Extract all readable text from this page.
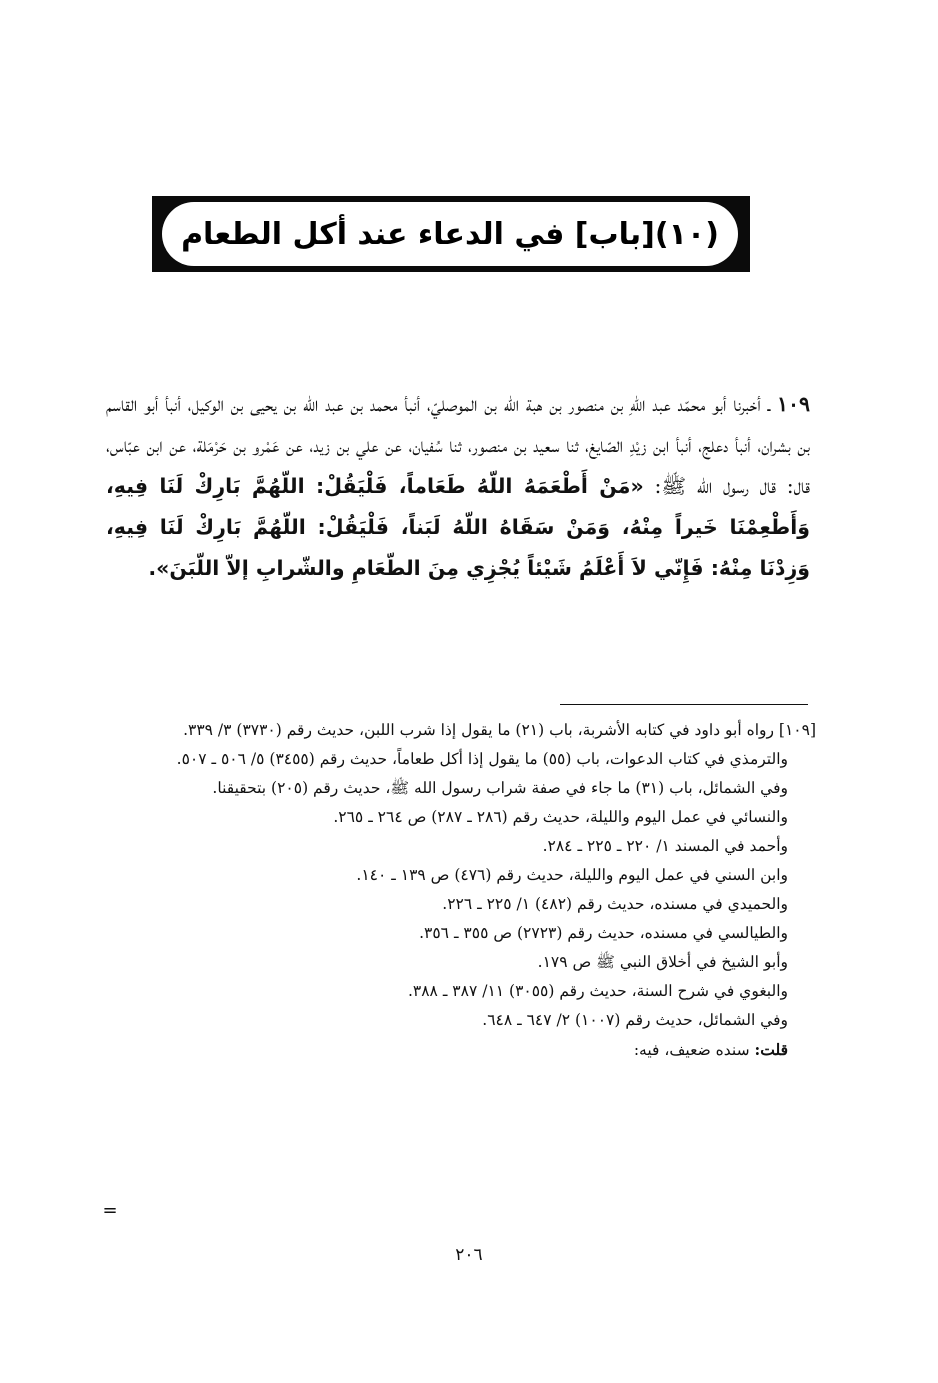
(١٠)[باب] في الدعاء عند أكل الطعام
١٠٩ ـ أخبرنا أبو محمّد عبد اللّهِ بن منصور بن هبة الله بن الموصليّ، أنبأ محمد بن عبد الله بن يحيى بن الوكيل، أنبأ أبو القاسم بن بشران، أنبأ دعلج، أنبأ ابن زيْدِ الصّايغ، ثنا سعيد بن منصور، ثنا سُفيان، عن علي بن زيد، عن عَمْرو بن حَرْمَلة، عن ابن عبّاس، قال: قال رسول الله ﷺ: «مَنْ أَطْعَمَهُ اللّهُ طَعَاماً، فَلْيَقُلْ: اللّهُمَّ بَارِكْ لَنَا فِيهِ، وَأَطْعِمْنَا خَيراً مِنْهُ، وَمَنْ سَقَاهُ اللّهُ لَبَناً، فَلْيَقُلْ: اللّهُمَّ بَارِكْ لَنَا فِيهِ، وَزِدْنَا مِنْهُ: فَإِنّي لاَ أَعْلَمُ شَيْئاً يُجْزِي مِنَ الطّعَامِ والشّرابِ إلاّ اللّبَنَ».

[١٠٩] رواه أبو داود في كتابه الأشربة، باب (٢١) ما يقول إذا شرب اللبن، حديث رقم (٣٧٣٠) ٣/ ٣٣٩.

والترمذي في كتاب الدعوات، باب (٥٥) ما يقول إذا أكل طعاماً، حديث رقم (٣٤٥٥) ٥/ ٥٠٦ ـ ٥٠٧.

وفي الشمائل، باب (٣١) ما جاء في صفة شراب رسول الله ﷺ، حديث رقم (٢٠٥) بتحقيقنا.

والنسائي في عمل اليوم والليلة، حديث رقم (٢٨٦ ـ ٢٨٧) ص ٢٦٤ ـ ٢٦٥.

وأحمد في المسند ١/ ٢٢٠ ـ ٢٢٥ ـ ٢٨٤.

وابن السني في عمل اليوم والليلة، حديث رقم (٤٧٦) ص ١٣٩ ـ ١٤٠.

والحميدي في مسنده، حديث رقم (٤٨٢) ١/ ٢٢٥ ـ ٢٢٦.

والطيالسي في مسنده، حديث رقم (٢٧٢٣) ص ٣٥٥ ـ ٣٥٦.

وأبو الشيخ في أخلاق النبي ﷺ ص ١٧٩.

والبغوي في شرح السنة، حديث رقم (٣٠٥٥) ١١/ ٣٨٧ ـ ٣٨٨.

وفي الشمائل، حديث رقم (١٠٠٧) ٢/ ٦٤٧ ـ ٦٤٨.

قلت: سنده ضعيف، فيه:

=
٢٠٦
